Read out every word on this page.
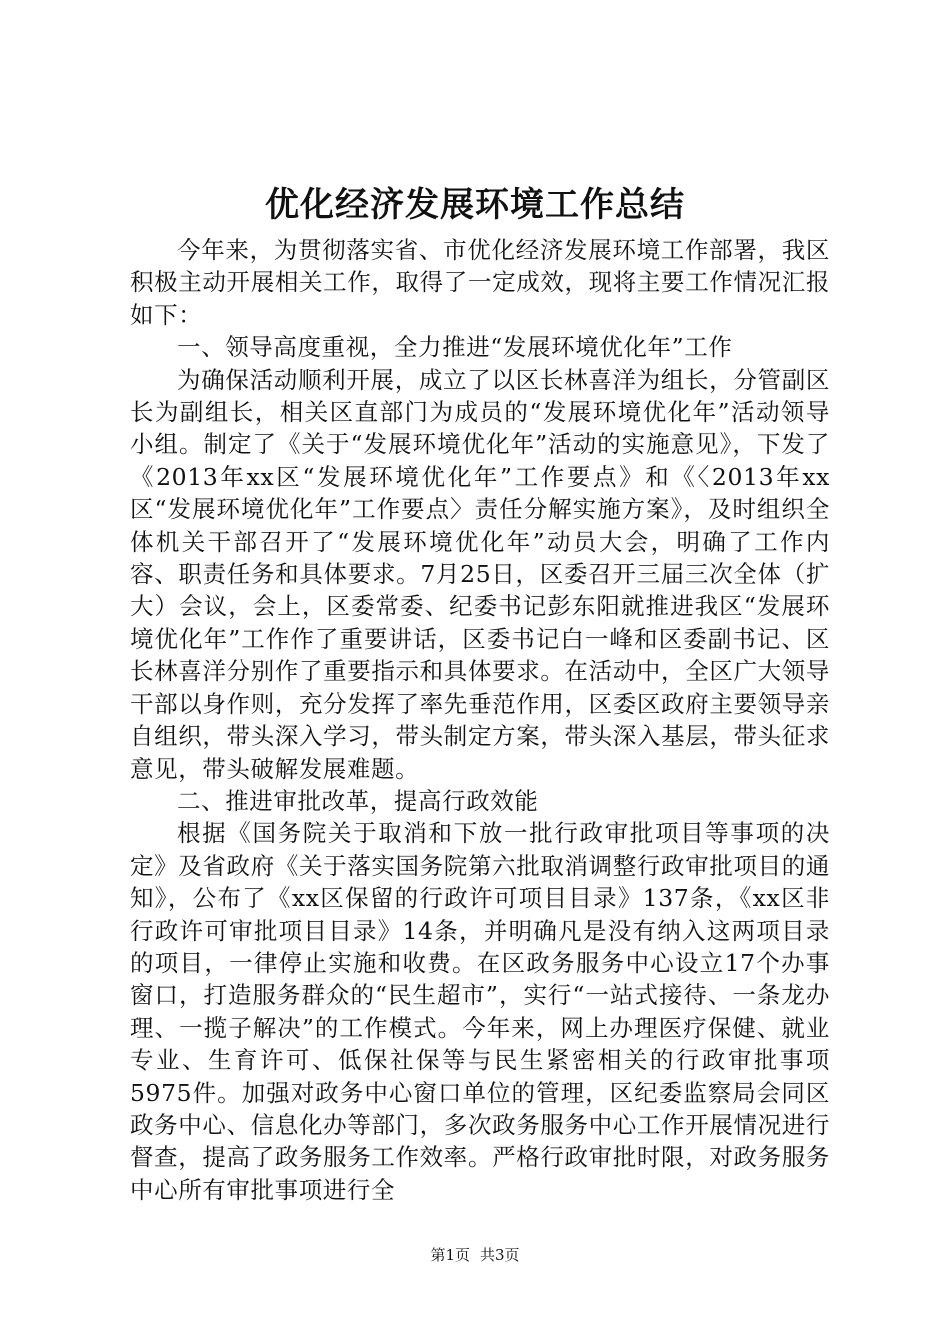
优化经济发展环境工作总结

今年来，为贯彻落实省、市优化经济发展环境工作部署，我区积极主动开展相关工作，取得了一定成效，现将主要工作情况汇报如下：

一、领导高度重视，全力推进“发展环境优化年”工作

为确保活动顺利开展，成立了以区长林喜洋为组长，分管副区长为副组长，相关区直部门为成员的“发展环境优化年”活动领导小组。制定了《关于“发展环境优化年”活动的实施意见》，下发了《2013年xx区“发展环境优化年”工作要点》和《〈2013年xx区“发展环境优化年”工作要点〉责任分解实施方案》，及时组织全体机关干部召开了“发展环境优化年”动员大会，明确了工作内容、职责任务和具体要求。7月25日，区委召开三届三次全体（扩大）会议，会上，区委常委、纪委书记彭东阳就推进我区“发展环境优化年”工作作了重要讲话，区委书记白一峰和区委副书记、区长林喜洋分别作了重要指示和具体要求。在活动中，全区广大领导干部以身作则，充分发挥了率先垂范作用，区委区政府主要领导亲自组织，带头深入学习，带头制定方案，带头深入基层，带头征求意见，带头破解发展难题。

二、推进审批改革，提高行政效能

根据《国务院关于取消和下放一批行政审批项目等事项的决定》及省政府《关于落实国务院第六批取消调整行政审批项目的通知》，公布了《xx区保留的行政许可项目目录》137条，《xx区非行政许可审批项目目录》14条，并明确凡是没有纳入这两项目录的项目，一律停止实施和收费。在区政务服务中心设立17个办事窗口，打造服务群众的“民生超市”，实行“一站式接待、一条龙办理、一揽子解决”的工作模式。今年来，网上办理医疗保健、就业专业、生育许可、低保社保等与民生紧密相关的行政审批事项5975件。加强对政务中心窗口单位的管理，区纪委监察局会同区政务中心、信息化办等部门，多次政务服务中心工作开展情况进行督查，提高了政务服务工作效率。严格行政审批时限，对政务服务中心所有审批事项进行全

第1页 共3页
